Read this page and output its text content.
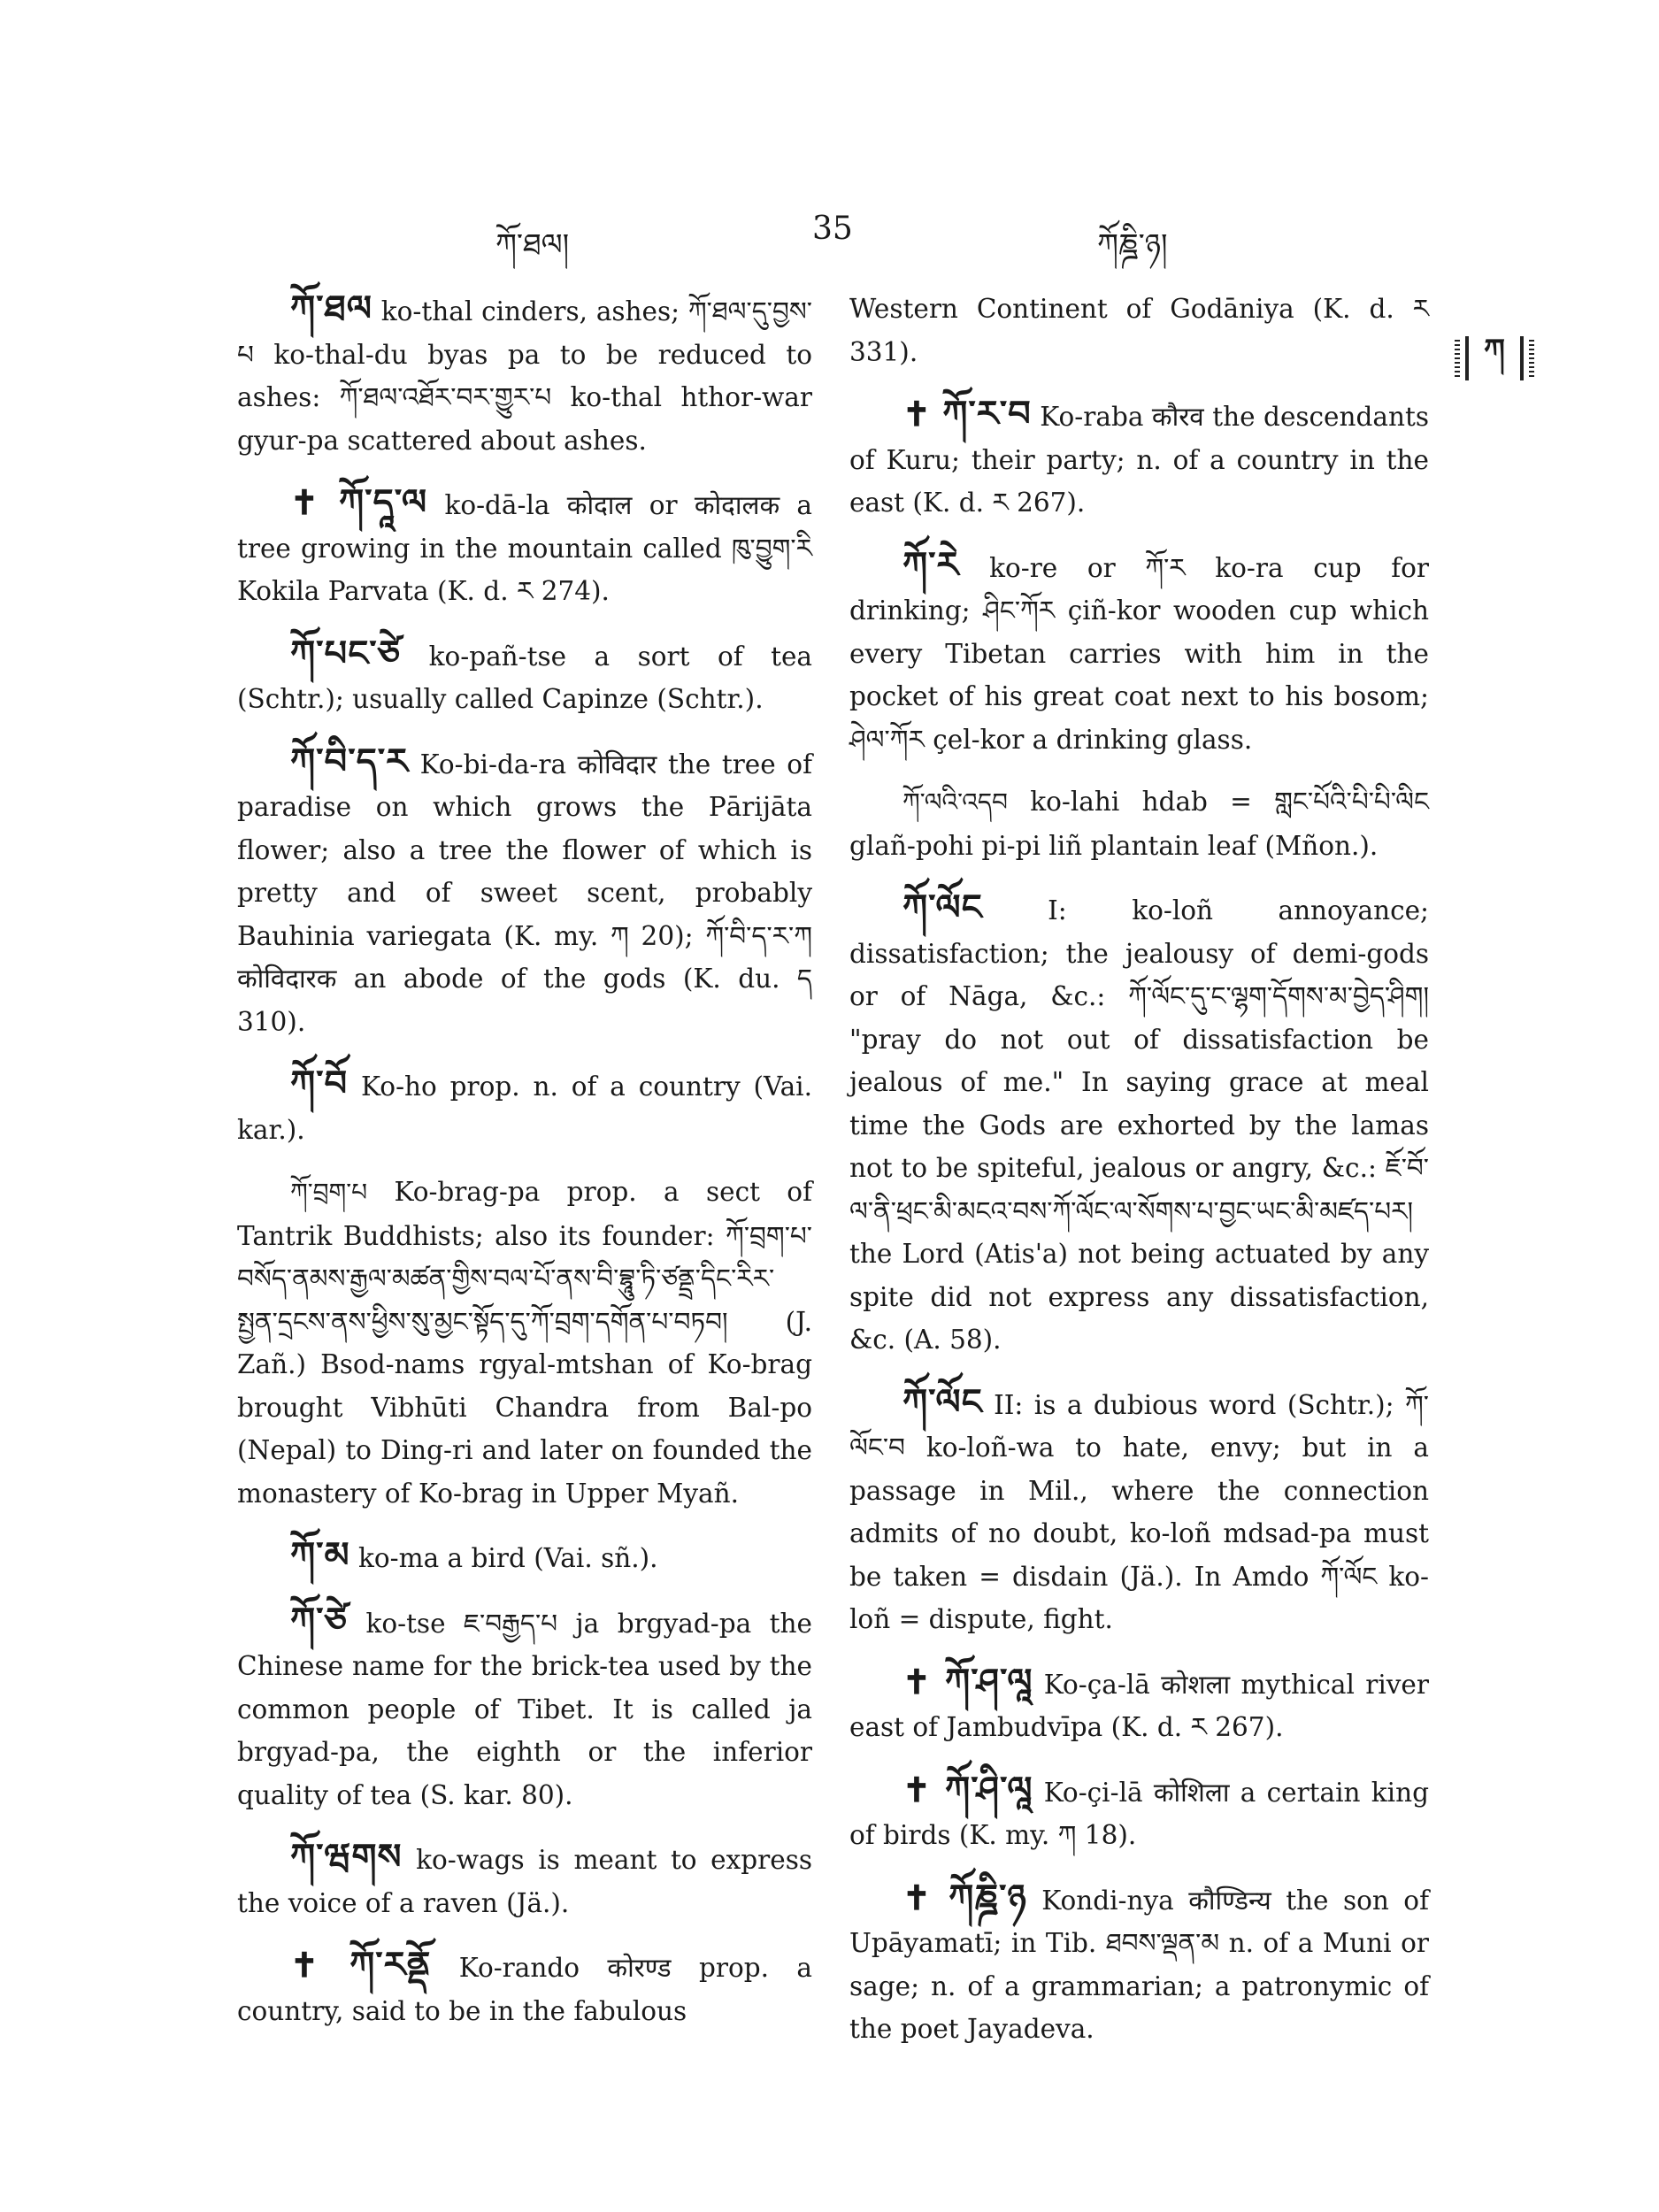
ཀོ་ཐལ།	35	ཀོཎྜི་ཉ།
ཀ

ཀོ་ཐལ ko-thal cinders, ashes; ཀོ་ཐལ་དུ་བྱས་པ ko-thal-du byas pa to be reduced to ashes: ཀོ་ཐལ་འཐོར་བར་གྱུར་པ ko-thal hthor-war gyur-pa scattered about ashes.

✝ ཀོ་དཱ་ལ ko-dā-la कोदाल or कोदालक a tree growing in the mountain called ཁུ་བྱུག་རི Kokila Parvata (K. d. ར 274).

ཀོ་པང་ཙེ ko-pañ-tse a sort of tea (Schtr.); usually called Capinze (Schtr.).

ཀོ་བི་ད་ར Ko-bi-da-ra कोविदार the tree of paradise on which grows the Pārijāta flower; also a tree the flower of which is pretty and of sweet scent, probably Bauhinia variegata (K. my. ཀ 20); ཀོ་བི་ད་ར་ཀ कोविदारक an abode of the gods (K. du. ད 310).

ཀོ་བོ Ko-ho prop. n. of a country (Vai. kar.).

ཀོ་བྲག་པ Ko-brag-pa prop. a sect of Tantrik Buddhists; also its founder: ཀོ་བྲག་པ་བསོད་ནམས་རྒྱལ་མཚན་གྱིས་བལ་པོ་ནས་བི་བྷཱུ་ཏི་ཙནྡྲ་དིང་རིར་སྤྱན་དྲངས་ནས་ཕྱིས་སུ་མྱང་སྟོད་དུ་ཀོ་བྲག་དགོན་པ་བཏབ། (J. Zañ.) Bsod-nams rgyal-mtshan of Ko-brag brought Vibhūti Chandra from Bal-po (Nepal) to Ding-ri and later on founded the monastery of Ko-brag in Upper Myañ.

ཀོ་མ ko-ma a bird (Vai. sñ.).

ཀོ་ཙེ ko-tse ཇ་བརྒྱད་པ ja brgyad-pa the Chinese name for the brick-tea used by the common people of Tibet. It is called ja brgyad-pa, the eighth or the inferior quality of tea (S. kar. 80).

ཀོ་ཝགས ko-wags is meant to express the voice of a raven (Jä.).

✝ ཀོ་རནྡོ Ko-rando कोरण्ड prop. a country, said to be in the fabulous

Western Continent of Godāniya (K. d. ར 331).

✝ ཀོ་ར་བ Ko-raba कौरव the descendants of Kuru; their party; n. of a country in the east (K. d. ར 267).

ཀོ་རེ ko-re or ཀོ་ར ko-ra cup for drinking; ཤིང་ཀོར çiñ-kor wooden cup which every Tibetan carries with him in the pocket of his great coat next to his bosom; ཤེལ་ཀོར çel-kor a drinking glass.

ཀོ་ལའི་འདབ ko-lahi hdab = གླང་པོའི་པི་པི་ལིང glañ-pohi pi-pi liñ plantain leaf (Mñon.).

ཀོ་ལོང I: ko-loñ annoyance; dissatisfaction; the jealousy of demi-gods or of Nāga, &c.: ཀོ་ལོང་དུ་ང་ལྷག་དོགས་མ་བྱེད་ཤིག། "pray do not out of dissatisfaction be jealous of me." In saying grace at meal time the Gods are exhorted by the lamas not to be spiteful, jealous or angry, &c.: ཇོ་བོ་ལ་ནི་ཕྲང་མི་མངའ་བས་ཀོ་ལོང་ལ་སོགས་པ་བྱང་ཡང་མི་མཛད་པར། the Lord (Atis'a) not being actuated by any spite did not express any dissatisfaction, &c. (A. 58).

ཀོ་ལོང II: is a dubious word (Schtr.); ཀོ་ལོང་བ ko-loñ-wa to hate, envy; but in a passage in Mil., where the connection admits of no doubt, ko-loñ mdsad-pa must be taken = disdain (Jä.). In Amdo ཀོ་ལོང ko-loñ = dispute, fight.

✝ ཀོ་ཤ་ལཱ Ko-ça-lā कोशला mythical river east of Jambudvīpa (K. d. ར 267).

✝ ཀོ་ཤི་ལཱ Ko-çi-lā कोशिला a certain king of birds (K. my. ཀ 18).

✝ ཀོཎྜི་ཉ Kondi-nya कौण्डिन्य the son of Upāyamatī; in Tib. ཐབས་ལྡན་མ n. of a Muni or sage; n. of a grammarian; a patronymic of the poet Jayadeva.
